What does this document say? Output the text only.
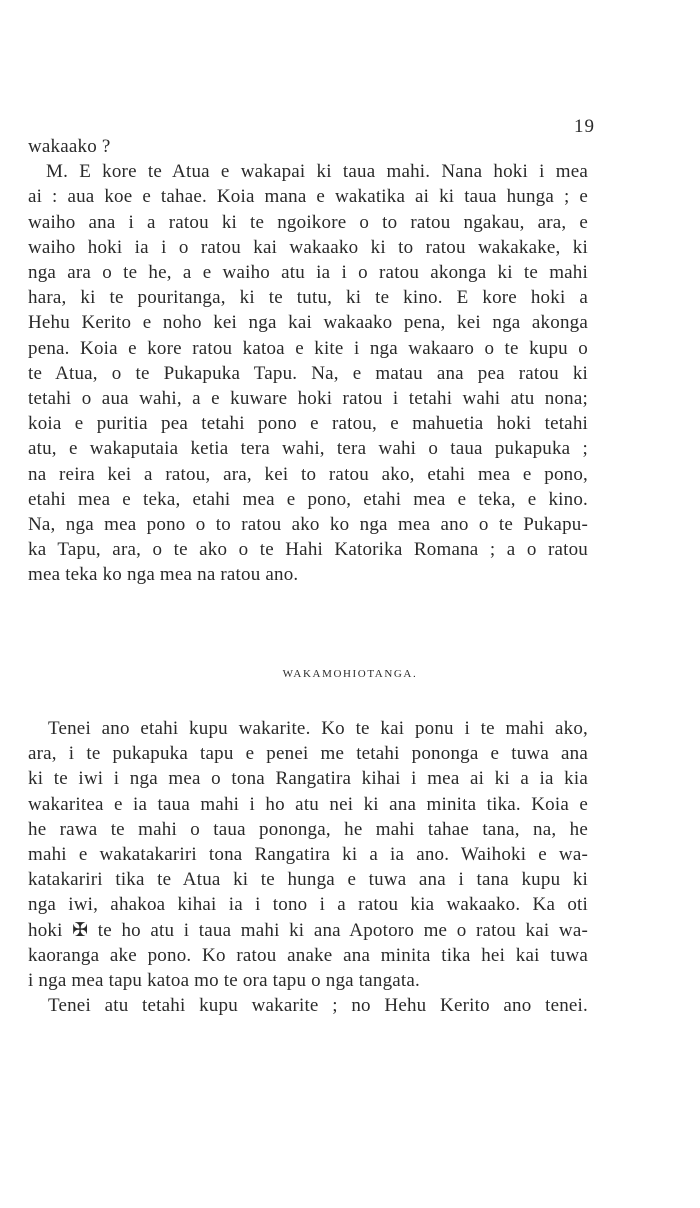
19
wakaako ?
M. E kore te Atua e wakapai ki taua mahi. Nana hoki i mea
ai : aua koe e tahae. Koia mana e wakatika ai ki taua hunga ; e
waiho ana i a ratou ki te ngoikore o to ratou ngakau, ara, e
waiho hoki ia i o ratou kai wakaako ki to ratou wakakake, ki
nga ara o te he, a e waiho atu ia i o ratou akonga ki te mahi
hara, ki te pouritanga, ki te tutu, ki te kino. E kore hoki a
Hehu Kerito e noho kei nga kai wakaako pena, kei nga akonga
pena. Koia e kore ratou katoa e kite i nga wakaaro o te kupu o
te Atua, o te Pukapuka Tapu. Na, e matau ana pea ratou ki
tetahi o aua wahi, a e kuware hoki ratou i tetahi wahi atu nona;
koia e puritia pea tetahi pono e ratou, e mahuetia hoki tetahi
atu, e wakaputaia ketia tera wahi, tera wahi o taua pukapuka ;
na reira kei a ratou, ara, kei to ratou ako, etahi mea e pono,
etahi mea e teka, etahi mea e pono, etahi mea e teka, e kino.
Na, nga mea pono o to ratou ako ko nga mea ano o te Pukapu-
ka Tapu, ara, o te ako o te Hahi Katorika Romana ; a o ratou
mea teka ko nga mea na ratou ano.
WAKAMOHIOTANGA.
Tenei ano etahi kupu wakarite. Ko te kai ponu i te mahi ako,
ara, i te pukapuka tapu e penei me tetahi pononga e tuwa ana
ki te iwi i nga mea o tona Rangatira kihai i mea ai ki a ia kia
wakaritea e ia taua mahi i ho atu nei ki ana minita tika. Koia e
he rawa te mahi o taua pononga, he mahi tahae tana, na, he
mahi e wakatakariri tona Rangatira ki a ia ano. Waihoki e wa-
katakariri tika te Atua ki te hunga e tuwa ana i tana kupu ki
nga iwi, ahakoa kihai ia i tono i a ratou kia wakaako. Ka oti
hoki ✠ te ho atu i taua mahi ki ana Apotoro me o ratou kai wa-
kaoranga ake pono. Ko ratou anake ana minita tika hei kai tuwa
i nga mea tapu katoa mo te ora tapu o nga tangata.
Tenei atu tetahi kupu wakarite ; no Hehu Kerito ano tenei.
